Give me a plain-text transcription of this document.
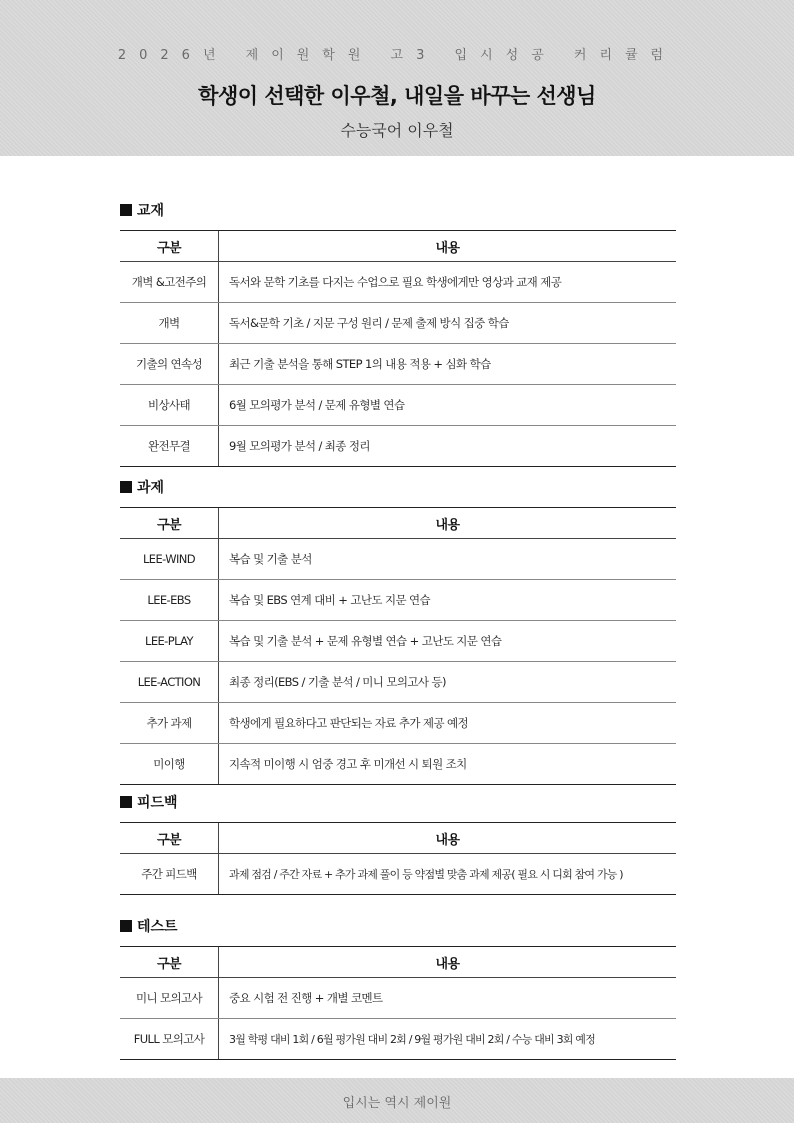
2026년 제이원학원 고3 입시성공 커리큘럼
학생이 선택한 이우철, 내일을 바꾸는 선생님
수능국어 이우철
교재
구분	내용
개벽 &고전주의	독서와 문학 기초를 다지는 수업으로 필요 학생에게만 영상과 교재 제공
개벽	독서&문학 기초 / 지문 구성 원리 / 문제 출제 방식 집중 학습
기출의 연속성	최근 기출 분석을 통해 STEP 1의 내용 적용 + 심화 학습
비상사태	6월 모의평가 분석 / 문제 유형별 연습
완전무결	9월 모의평가 분석 / 최종 정리
과제
구분	내용
LEE-WIND	복습 및 기출 분석
LEE-EBS	복습 및 EBS 연계 대비 + 고난도 지문 연습
LEE-PLAY	복습 및 기출 분석 + 문제 유형별 연습 + 고난도 지문 연습
LEE-ACTION	최종 정리(EBS / 기출 분석 / 미니 모의고사 등)
추가 과제	학생에게 필요하다고 판단되는 자료 추가 제공 예정
미이행	지속적 미이행 시 엄중 경고 후 미개선 시 퇴원 조치
피드백
구분	내용
주간 피드백	과제 점검 / 주간 자료 + 추가 과제 풀이 등 약점별 맞춤 과제 제공( 필요 시 디회 참여 가능 )
테스트
구분	내용
미니 모의고사	중요 시험 전 진행 + 개별 코멘트
FULL 모의고사	3월 학평 대비 1회 / 6월 평가원 대비 2회 / 9월 평가원 대비 2회 / 수능 대비 3회 예정
입시는 역시 제이원
